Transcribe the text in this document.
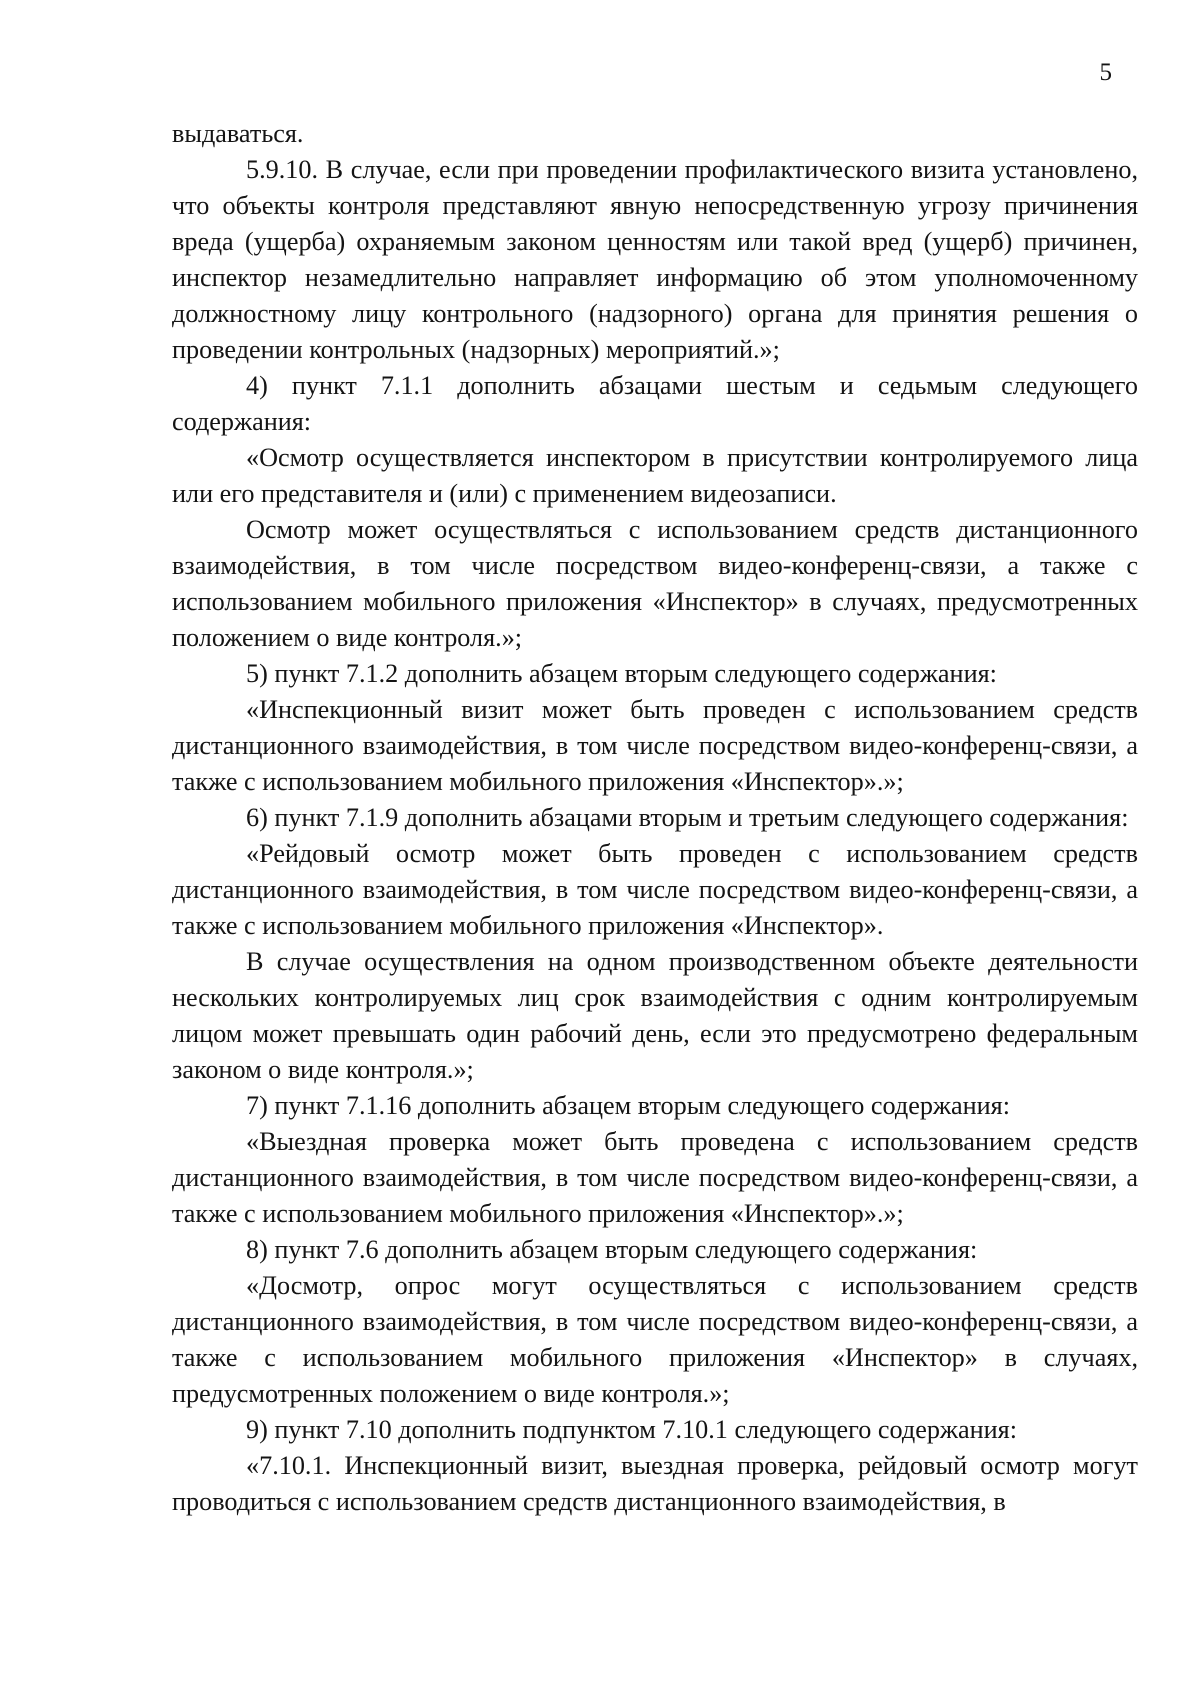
5

выдаваться.

5.9.10. В случае, если при проведении профилактического визита установлено, что объекты контроля представляют явную непосредственную угрозу причинения вреда (ущерба) охраняемым законом ценностям или такой вред (ущерб) причинен, инспектор незамедлительно направляет информацию об этом уполномоченному должностному лицу контрольного (надзорного) органа для принятия решения о проведении контрольных (надзорных) мероприятий.»;

4) пункт 7.1.1 дополнить абзацами шестым и седьмым следующего содержания:

«Осмотр осуществляется инспектором в присутствии контролируемого лица или его представителя и (или) с применением видеозаписи.

Осмотр может осуществляться с использованием средств дистанционного взаимодействия, в том числе посредством видео-конференц-связи, а также с использованием мобильного приложения «Инспектор» в случаях, предусмотренных положением о виде контроля.»;

5) пункт 7.1.2 дополнить абзацем вторым следующего содержания:

«Инспекционный визит может быть проведен с использованием средств дистанционного взаимодействия, в том числе посредством видео-конференц-связи, а также с использованием мобильного приложения «Инспектор».»;

6) пункт 7.1.9 дополнить абзацами вторым и третьим следующего содержания:

«Рейдовый осмотр может быть проведен с использованием средств дистанционного взаимодействия, в том числе посредством видео-конференц-связи, а также с использованием мобильного приложения «Инспектор».

В случае осуществления на одном производственном объекте деятельности нескольких контролируемых лиц срок взаимодействия с одним контролируемым лицом может превышать один рабочий день, если это предусмотрено федеральным законом о виде контроля.»;

7) пункт 7.1.16 дополнить абзацем вторым следующего содержания:

«Выездная проверка может быть проведена с использованием средств дистанционного взаимодействия, в том числе посредством видео-конференц-связи, а также с использованием мобильного приложения «Инспектор».»;

8) пункт 7.6 дополнить абзацем вторым следующего содержания:

«Досмотр, опрос могут осуществляться с использованием средств дистанционного взаимодействия, в том числе посредством видео-конференц-связи, а также с использованием мобильного приложения «Инспектор» в случаях, предусмотренных положением о виде контроля.»;

9) пункт 7.10 дополнить подпунктом 7.10.1 следующего содержания:

«7.10.1. Инспекционный визит, выездная проверка, рейдовый осмотр могут проводиться с использованием средств дистанционного взаимодействия, в
